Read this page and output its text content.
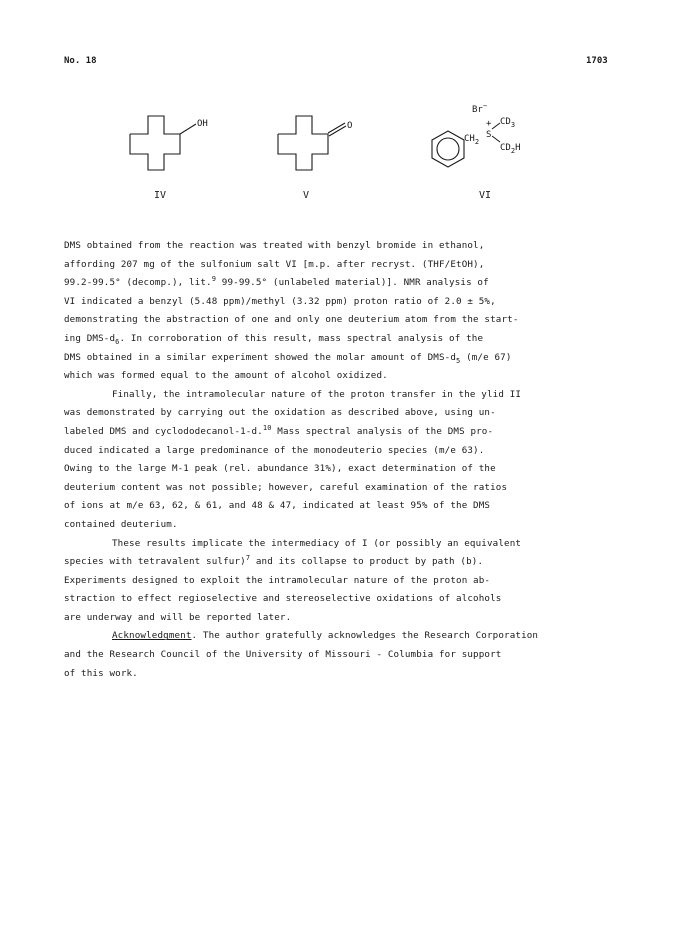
No. 18	1703
OH
IV
O
V
Br−
$CH_2$
+
S
$CD_3$
$CD_2H$
VI
DMS obtained from the reaction was treated with benzyl bromide in ethanol,
affording 207 mg of the sulfonium salt VI [m.p. after recryst. (THF/EtOH),
99.2-99.5° (decomp.), lit.$^9$ 99-99.5° (unlabeled material)]. NMR analysis of
VI indicated a benzyl (5.48 ppm)/methyl (3.32 ppm) proton ratio of 2.0 ± 5%,
demonstrating the abstraction of one and only one deuterium atom from the start-
ing DMS-$d_6$. In corroboration of this result, mass spectral analysis of the
DMS obtained in a similar experiment showed the molar amount of DMS-$d_5$ (m/e 67)
which was formed equal to the amount of alcohol oxidized.
Finally, the intramolecular nature of the proton transfer in the ylid II
was demonstrated by carrying out the oxidation as described above, using un-
labeled DMS and cyclododecanol-1-d.$^{10}$ Mass spectral analysis of the DMS pro-
duced indicated a large predominance of the monodeuterio species (m/e 63).
Owing to the large M-1 peak (rel. abundance 31%), exact determination of the
deuterium content was not possible; however, careful examination of the ratios
of ions at m/e 63, 62, & 61, and 48 & 47, indicated at least 95% of the DMS
contained deuterium.
These results implicate the intermediacy of I (or possibly an equivalent
species with tetravalent sulfur)$^7$ and its collapse to product by path (b).
Experiments designed to exploit the intramolecular nature of the proton ab-
straction to effect regioselective and stereoselective oxidations of alcohols
are underway and will be reported later.
Acknowledgment. The author gratefully acknowledges the Research Corporation
and the Research Council of the University of Missouri - Columbia for support
of this work.
